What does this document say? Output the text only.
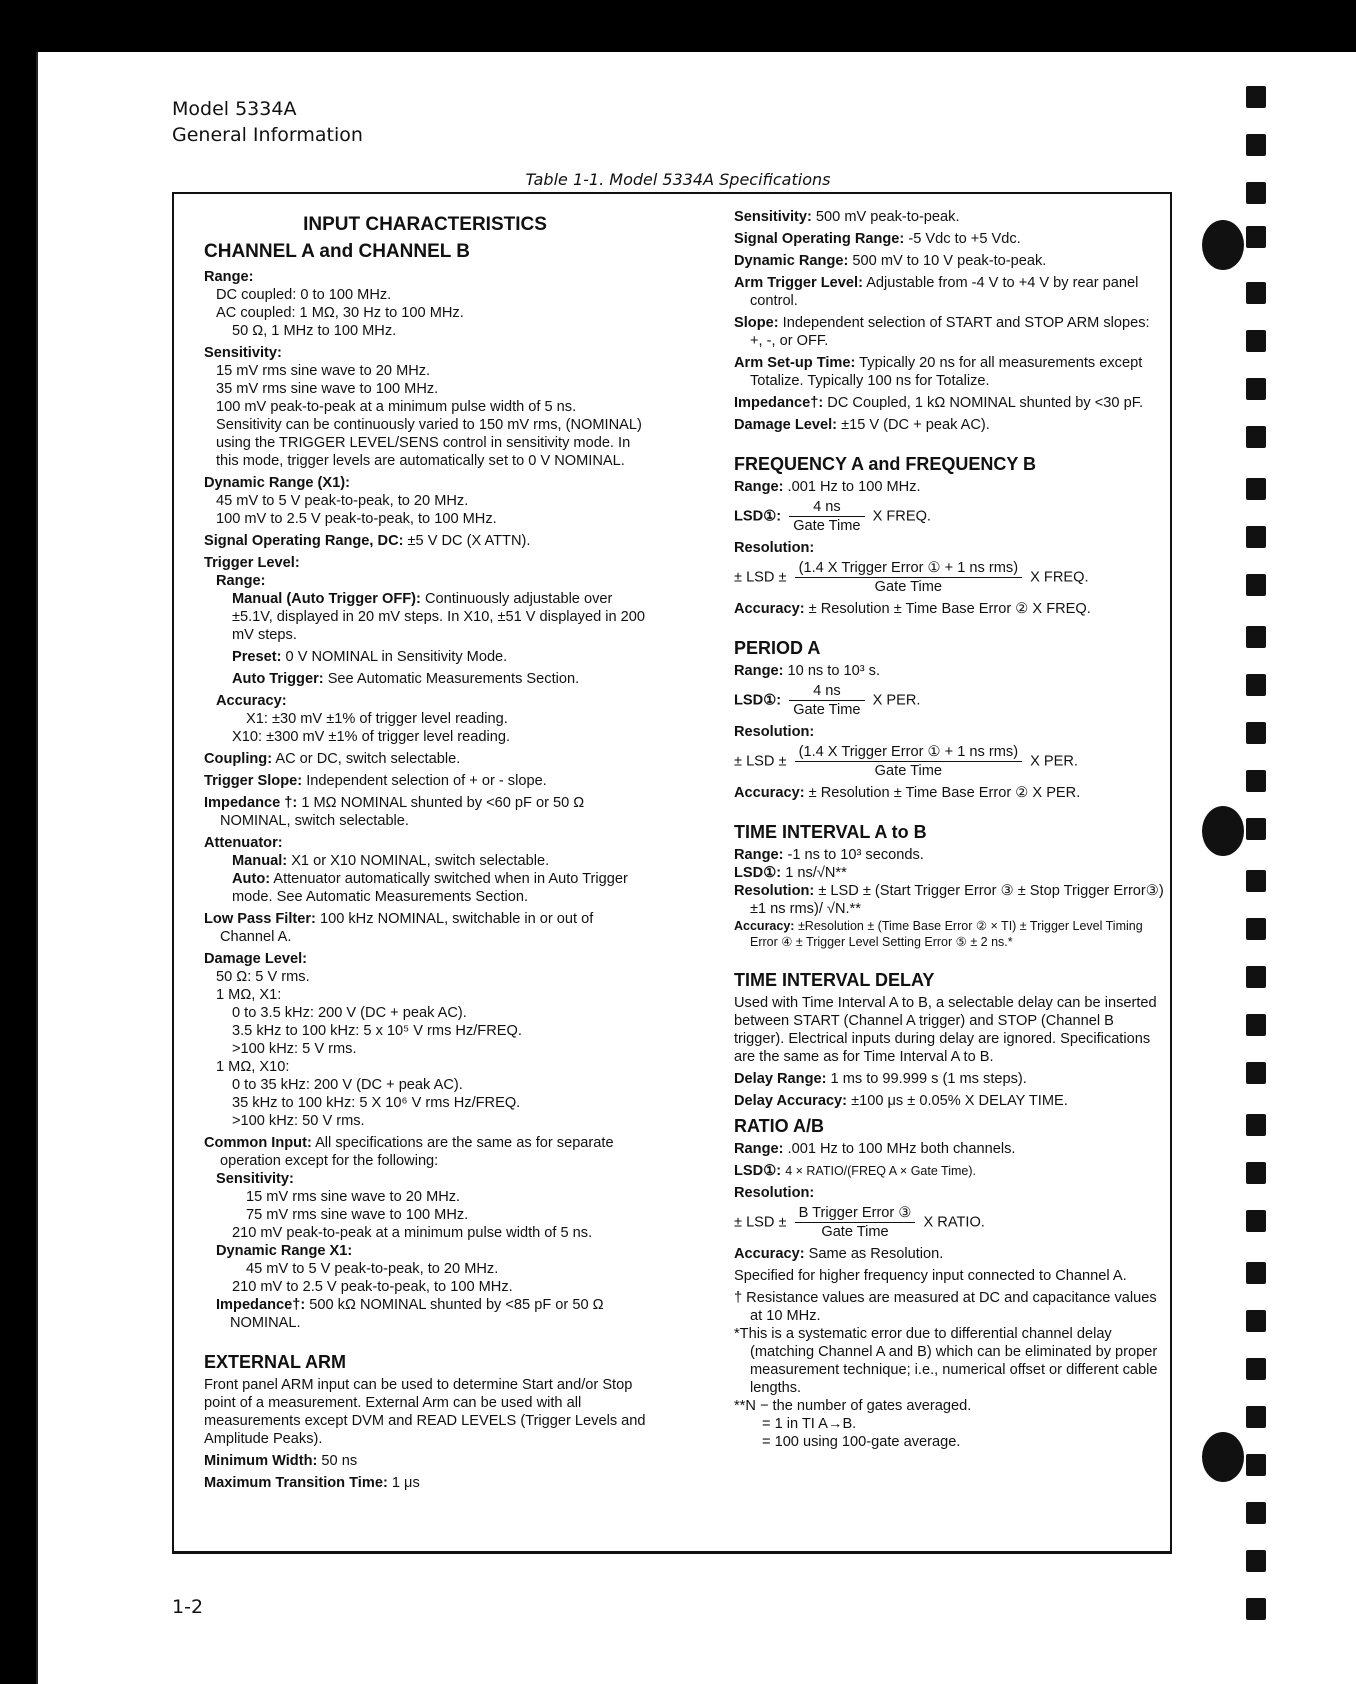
Model 5334A
General Information
Table 1-1. Model 5334A Specifications
INPUT CHARACTERISTICS
CHANNEL A and CHANNEL B
Range:
DC coupled: 0 to 100 MHz.
AC coupled: 1 MΩ, 30 Hz to 100 MHz.
50 Ω, 1 MHz to 100 MHz.
Sensitivity:
15 mV rms sine wave to 20 MHz.
35 mV rms sine wave to 100 MHz.
100 mV peak-to-peak at a minimum pulse width of 5 ns.
Sensitivity can be continuously varied to 150 mV rms, (NOMINAL) using the TRIGGER LEVEL/SENS control in sensitivity mode. In this mode, trigger levels are automatically set to 0 V NOMINAL.
Dynamic Range (X1):
45 mV to 5 V peak-to-peak, to 20 MHz.
100 mV to 2.5 V peak-to-peak, to 100 MHz.
Signal Operating Range, DC: ±5 V DC (X ATTN).
Trigger Level:
Range:
Manual (Auto Trigger OFF): Continuously adjustable over ±5.1V, displayed in 20 mV steps. In X10, ±51 V displayed in 200 mV steps.
Preset: 0 V NOMINAL in Sensitivity Mode.
Auto Trigger: See Automatic Measurements Section.
Accuracy:
X1: ±30 mV ±1% of trigger level reading.
X10: ±300 mV ±1% of trigger level reading.
Coupling: AC or DC, switch selectable.
Trigger Slope: Independent selection of + or - slope.
Impedance †: 1 MΩ NOMINAL shunted by <60 pF or 50 Ω NOMINAL, switch selectable.
Attenuator:
Manual: X1 or X10 NOMINAL, switch selectable.
Auto: Attenuator automatically switched when in Auto Trigger mode. See Automatic Measurements Section.
Low Pass Filter: 100 kHz NOMINAL, switchable in or out of Channel A.
Damage Level:
50 Ω: 5 V rms.
1 MΩ, X1:
0 to 3.5 kHz: 200 V (DC + peak AC).
3.5 kHz to 100 kHz: 5 x 10⁵ V rms Hz/FREQ.
>100 kHz: 5 V rms.
1 MΩ, X10:
0 to 35 kHz: 200 V (DC + peak AC).
35 kHz to 100 kHz: 5 X 10⁶ V rms Hz/FREQ.
>100 kHz: 50 V rms.
Common Input: All specifications are the same as for separate operation except for the following:
Sensitivity:
15 mV rms sine wave to 20 MHz.
75 mV rms sine wave to 100 MHz.
210 mV peak-to-peak at a minimum pulse width of 5 ns.
Dynamic Range X1:
45 mV to 5 V peak-to-peak, to 20 MHz.
210 mV to 2.5 V peak-to-peak, to 100 MHz.
Impedance†: 500 kΩ NOMINAL shunted by <85 pF or 50 Ω NOMINAL.
EXTERNAL ARM
Front panel ARM input can be used to determine Start and/or Stop point of a measurement. External Arm can be used with all measurements except DVM and READ LEVELS (Trigger Levels and Amplitude Peaks).
Minimum Width: 50 ns
Maximum Transition Time: 1 μs
Sensitivity: 500 mV peak-to-peak.
Signal Operating Range: -5 Vdc to +5 Vdc.
Dynamic Range: 500 mV to 10 V peak-to-peak.
Arm Trigger Level: Adjustable from -4 V to +4 V by rear panel control.
Slope: Independent selection of START and STOP ARM slopes: +, -, or OFF.
Arm Set-up Time: Typically 20 ns for all measurements except Totalize. Typically 100 ns for Totalize.
Impedance†: DC Coupled, 1 kΩ NOMINAL shunted by <30 pF.
Damage Level: ±15 V (DC + peak AC).
FREQUENCY A and FREQUENCY B
Range: .001 Hz to 100 MHz.
LSD①: $\frac{4 ns}{\text{Gate Time}}$ X FREQ.
Resolution:
± LSD ± $\frac{\text{(1.4 X Trigger Error ① + 1 ns rms)}}{\text{Gate Time}}$ X FREQ.
Accuracy: ± Resolution ± Time Base Error ② X FREQ.
PERIOD A
Range: 10 ns to 10³ s.
LSD①: $\frac{4 ns}{\text{Gate Time}}$ X PER.
Resolution:
± LSD ± $\frac{\text{(1.4 X Trigger Error ① + 1 ns rms)}}{\text{Gate Time}}$ X PER.
Accuracy: ± Resolution ± Time Base Error ② X PER.
TIME INTERVAL A to B
Range: -1 ns to 10³ seconds.
LSD①: 1 ns/√N**
Resolution: ± LSD ± (Start Trigger Error ③ ± Stop Trigger Error③) ±1 ns rms)/ √N.**
Accuracy: ±Resolution ± (Time Base Error ② × TI) ± Trigger Level Timing Error ④ ± Trigger Level Setting Error ⑤ ± 2 ns.*
TIME INTERVAL DELAY
Used with Time Interval A to B, a selectable delay can be inserted between START (Channel A trigger) and STOP (Channel B trigger). Electrical inputs during delay are ignored. Specifications are the same as for Time Interval A to B.
Delay Range: 1 ms to 99.999 s (1 ms steps).
Delay Accuracy: ±100 μs ± 0.05% X DELAY TIME.
RATIO A/B
Range: .001 Hz to 100 MHz both channels.
LSD①: 4 × RATIO/(FREQ A × Gate Time).
Resolution:
± LSD ± $\frac{\text{B Trigger Error ③}}{\text{Gate Time}}$ X RATIO.
Accuracy: Same as Resolution.
Specified for higher frequency input connected to Channel A.
† Resistance values are measured at DC and capacitance values at 10 MHz.
*This is a systematic error due to differential channel delay (matching Channel A and B) which can be eliminated by proper measurement technique; i.e., numerical offset or different cable lengths.
**N − the number of gates averaged.
= 1 in TI A→B.
= 100 using 100-gate average.
1-2
